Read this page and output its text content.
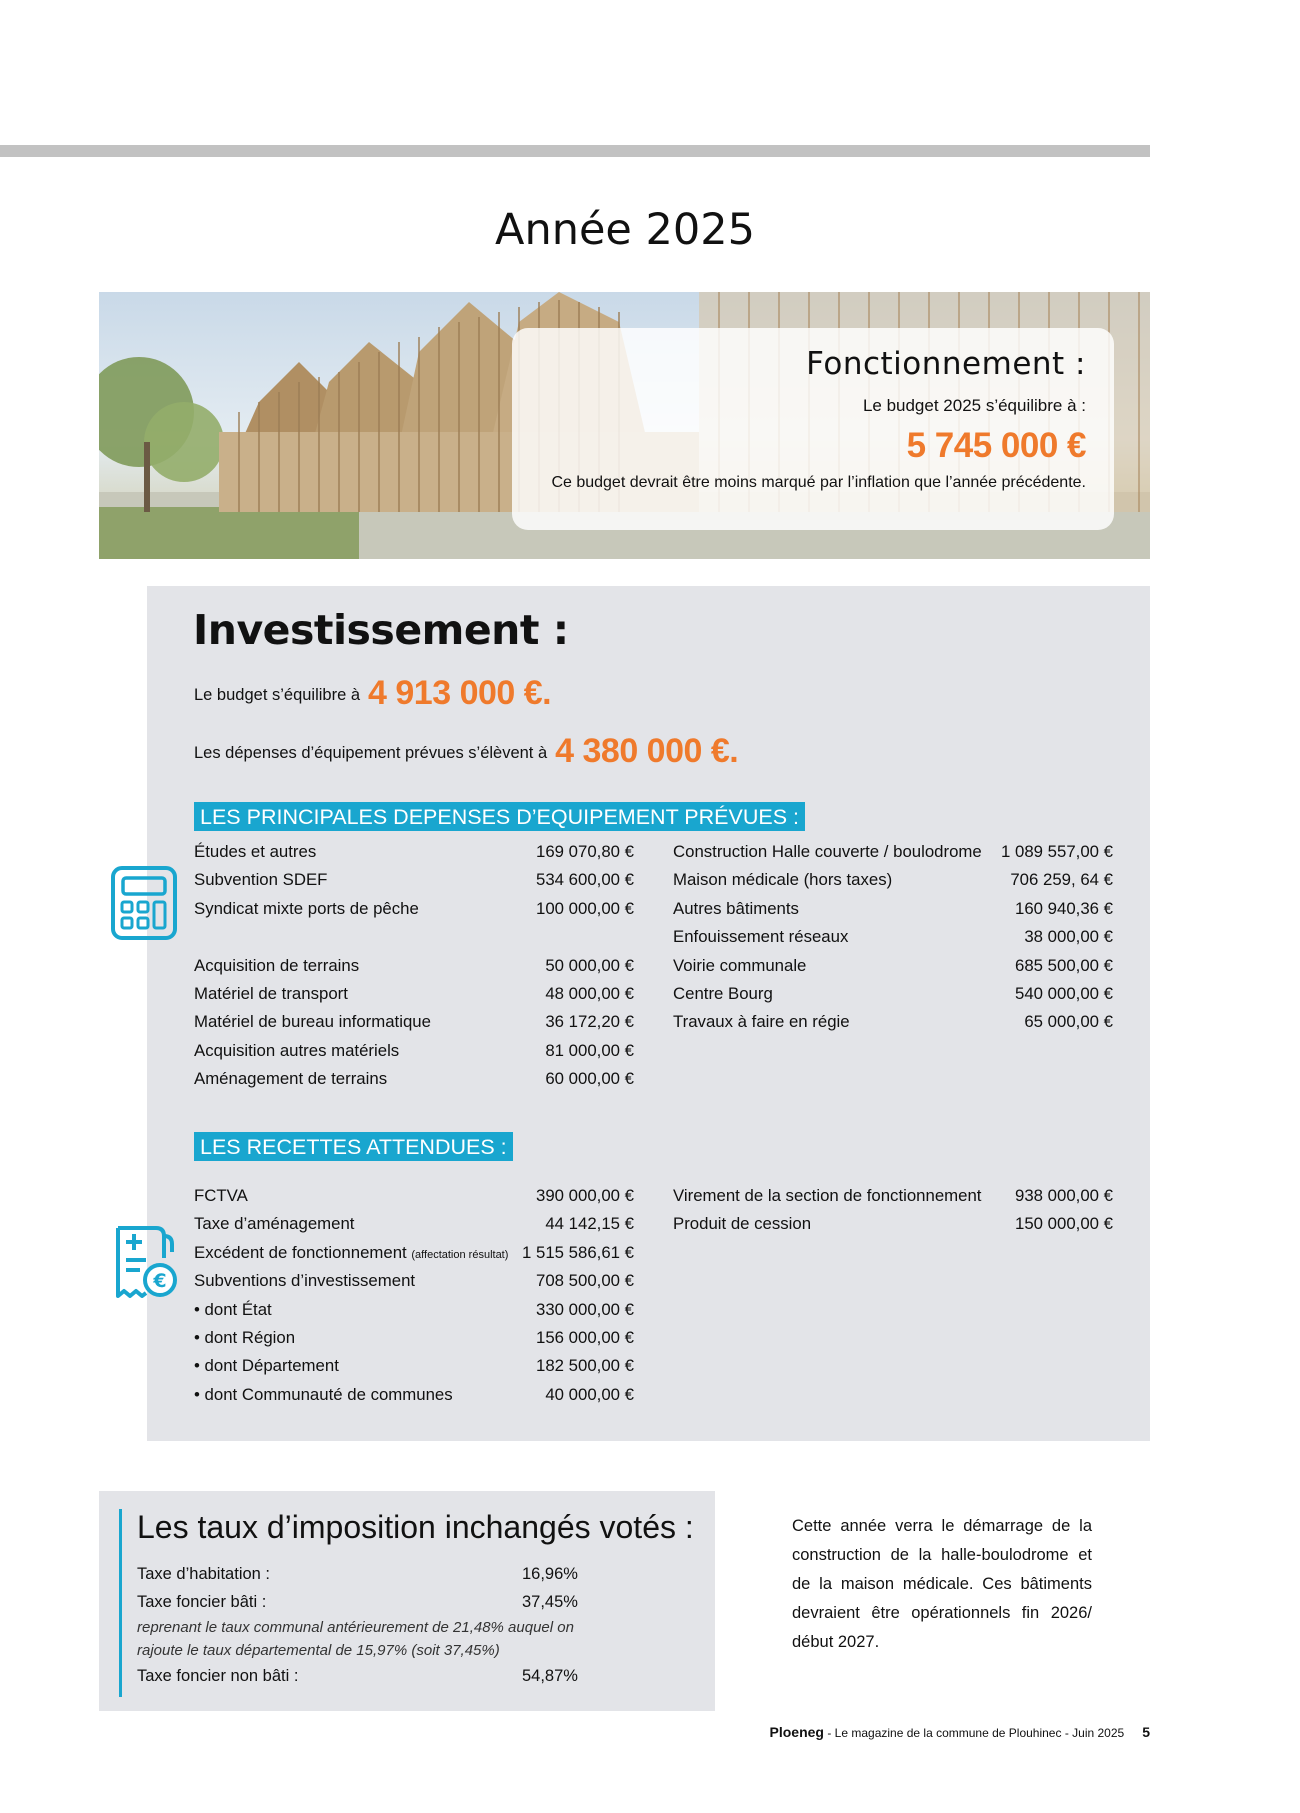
Année 2025
Fonctionnement :
Le budget 2025 s’équilibre à :
5 745 000 €
Ce budget devrait être moins marqué par l’inflation que l’année précédente.
Investissement :
Le budget s’équilibre à 4 913 000 €.
Les dépenses d’équipement prévues s’élèvent à 4 380 000 €.
LES PRINCIPALES DEPENSES D’EQUIPEMENT PRÉVUES :
Études et autres	169 070,80 €
Subvention SDEF	534 600,00 €
Syndicat mixte ports de pêche	100 000,00 €
Acquisition de terrains	50 000,00 €
Matériel de transport	48 000,00 €
Matériel de bureau informatique	36 172,20 €
Acquisition autres matériels	81 000,00 €
Aménagement de terrains	60 000,00 €
Construction Halle couverte / boulodrome 1 089 557,00 €
Maison médicale (hors taxes)	706 259, 64 €
Autres bâtiments	160 940,36 €
Enfouissement réseaux	38 000,00 €
Voirie communale	685 500,00 €
Centre Bourg	540 000,00 €
Travaux à faire en régie	65 000,00 €
LES RECETTES ATTENDUES :
€
FCTVA	390 000,00 €
Taxe d’aménagement	44 142,15 €
Excédent de fonctionnement (affectation résultat) 1 515 586,61 €
Subventions d’investissement	708 500,00 €
• dont État	330 000,00 €
• dont Région	156 000,00 €
• dont Département	182 500,00 €
• dont Communauté de communes	40 000,00 €
Virement de la section de fonctionnement 938 000,00 €
Produit de cession	150 000,00 €
Les taux d’imposition inchangés votés :
Taxe d’habitation :	16,96%
Taxe foncier bâti :	37,45%
reprenant le taux communal antérieurement de 21,48% auquel on
rajoute le taux départemental de 15,97% (soit 37,45%)
Taxe foncier non bâti :	54,87%
Cette année verra le démarrage de la construction de la halle-boulodrome et de la maison médicale. Ces bâtiments devraient être opérationnels fin 2026/ début 2027.
Ploeneg - Le magazine de la commune de Plouhinec - Juin 2025 5
